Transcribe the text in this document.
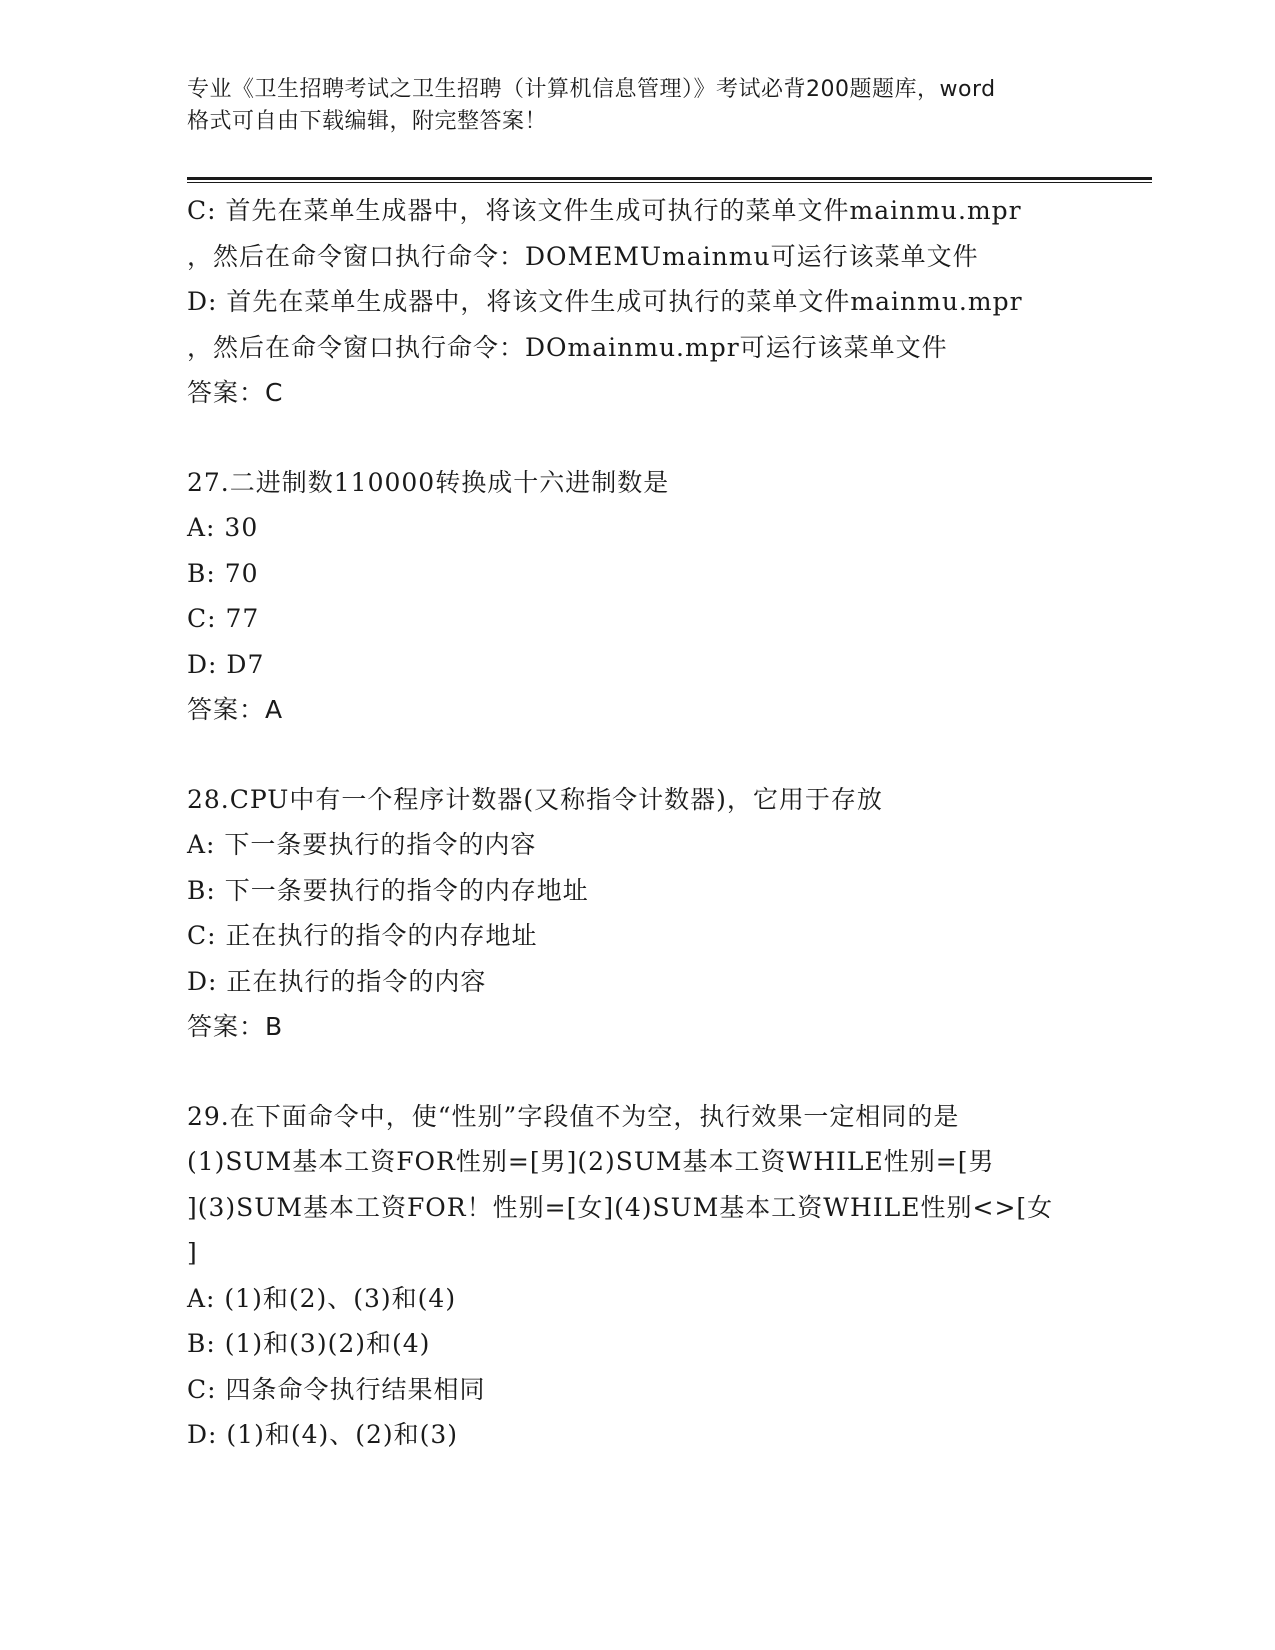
专业《卫生招聘考试之卫生招聘（计算机信息管理）》考试必背200题题库，word
格式可自由下载编辑，附完整答案！
C: 首先在菜单生成器中，将该文件生成可执行的菜单文件mainmu.mpr
，然后在命令窗口执行命令：DOMEMUmainmu可运行该菜单文件
D: 首先在菜单生成器中，将该文件生成可执行的菜单文件mainmu.mpr
，然后在命令窗口执行命令：DOmainmu.mpr可运行该菜单文件
答案：C
27.二进制数110000转换成十六进制数是
A: 30
B: 70
C: 77
D: D7
答案：A
28.CPU中有一个程序计数器(又称指令计数器)，它用于存放
A: 下一条要执行的指令的内容
B: 下一条要执行的指令的内存地址
C: 正在执行的指令的内存地址
D: 正在执行的指令的内容
答案：B
29.在下面命令中，使“性别”字段值不为空，执行效果一定相同的是
(1)SUM基本工资FOR性别=[男](2)SUM基本工资WHILE性别=[男
](3)SUM基本工资FOR！性别=[女](4)SUM基本工资WHILE性别<>[女
]
A: (1)和(2)、(3)和(4)
B: (1)和(3)(2)和(4)
C: 四条命令执行结果相同
D: (1)和(4)、(2)和(3)
